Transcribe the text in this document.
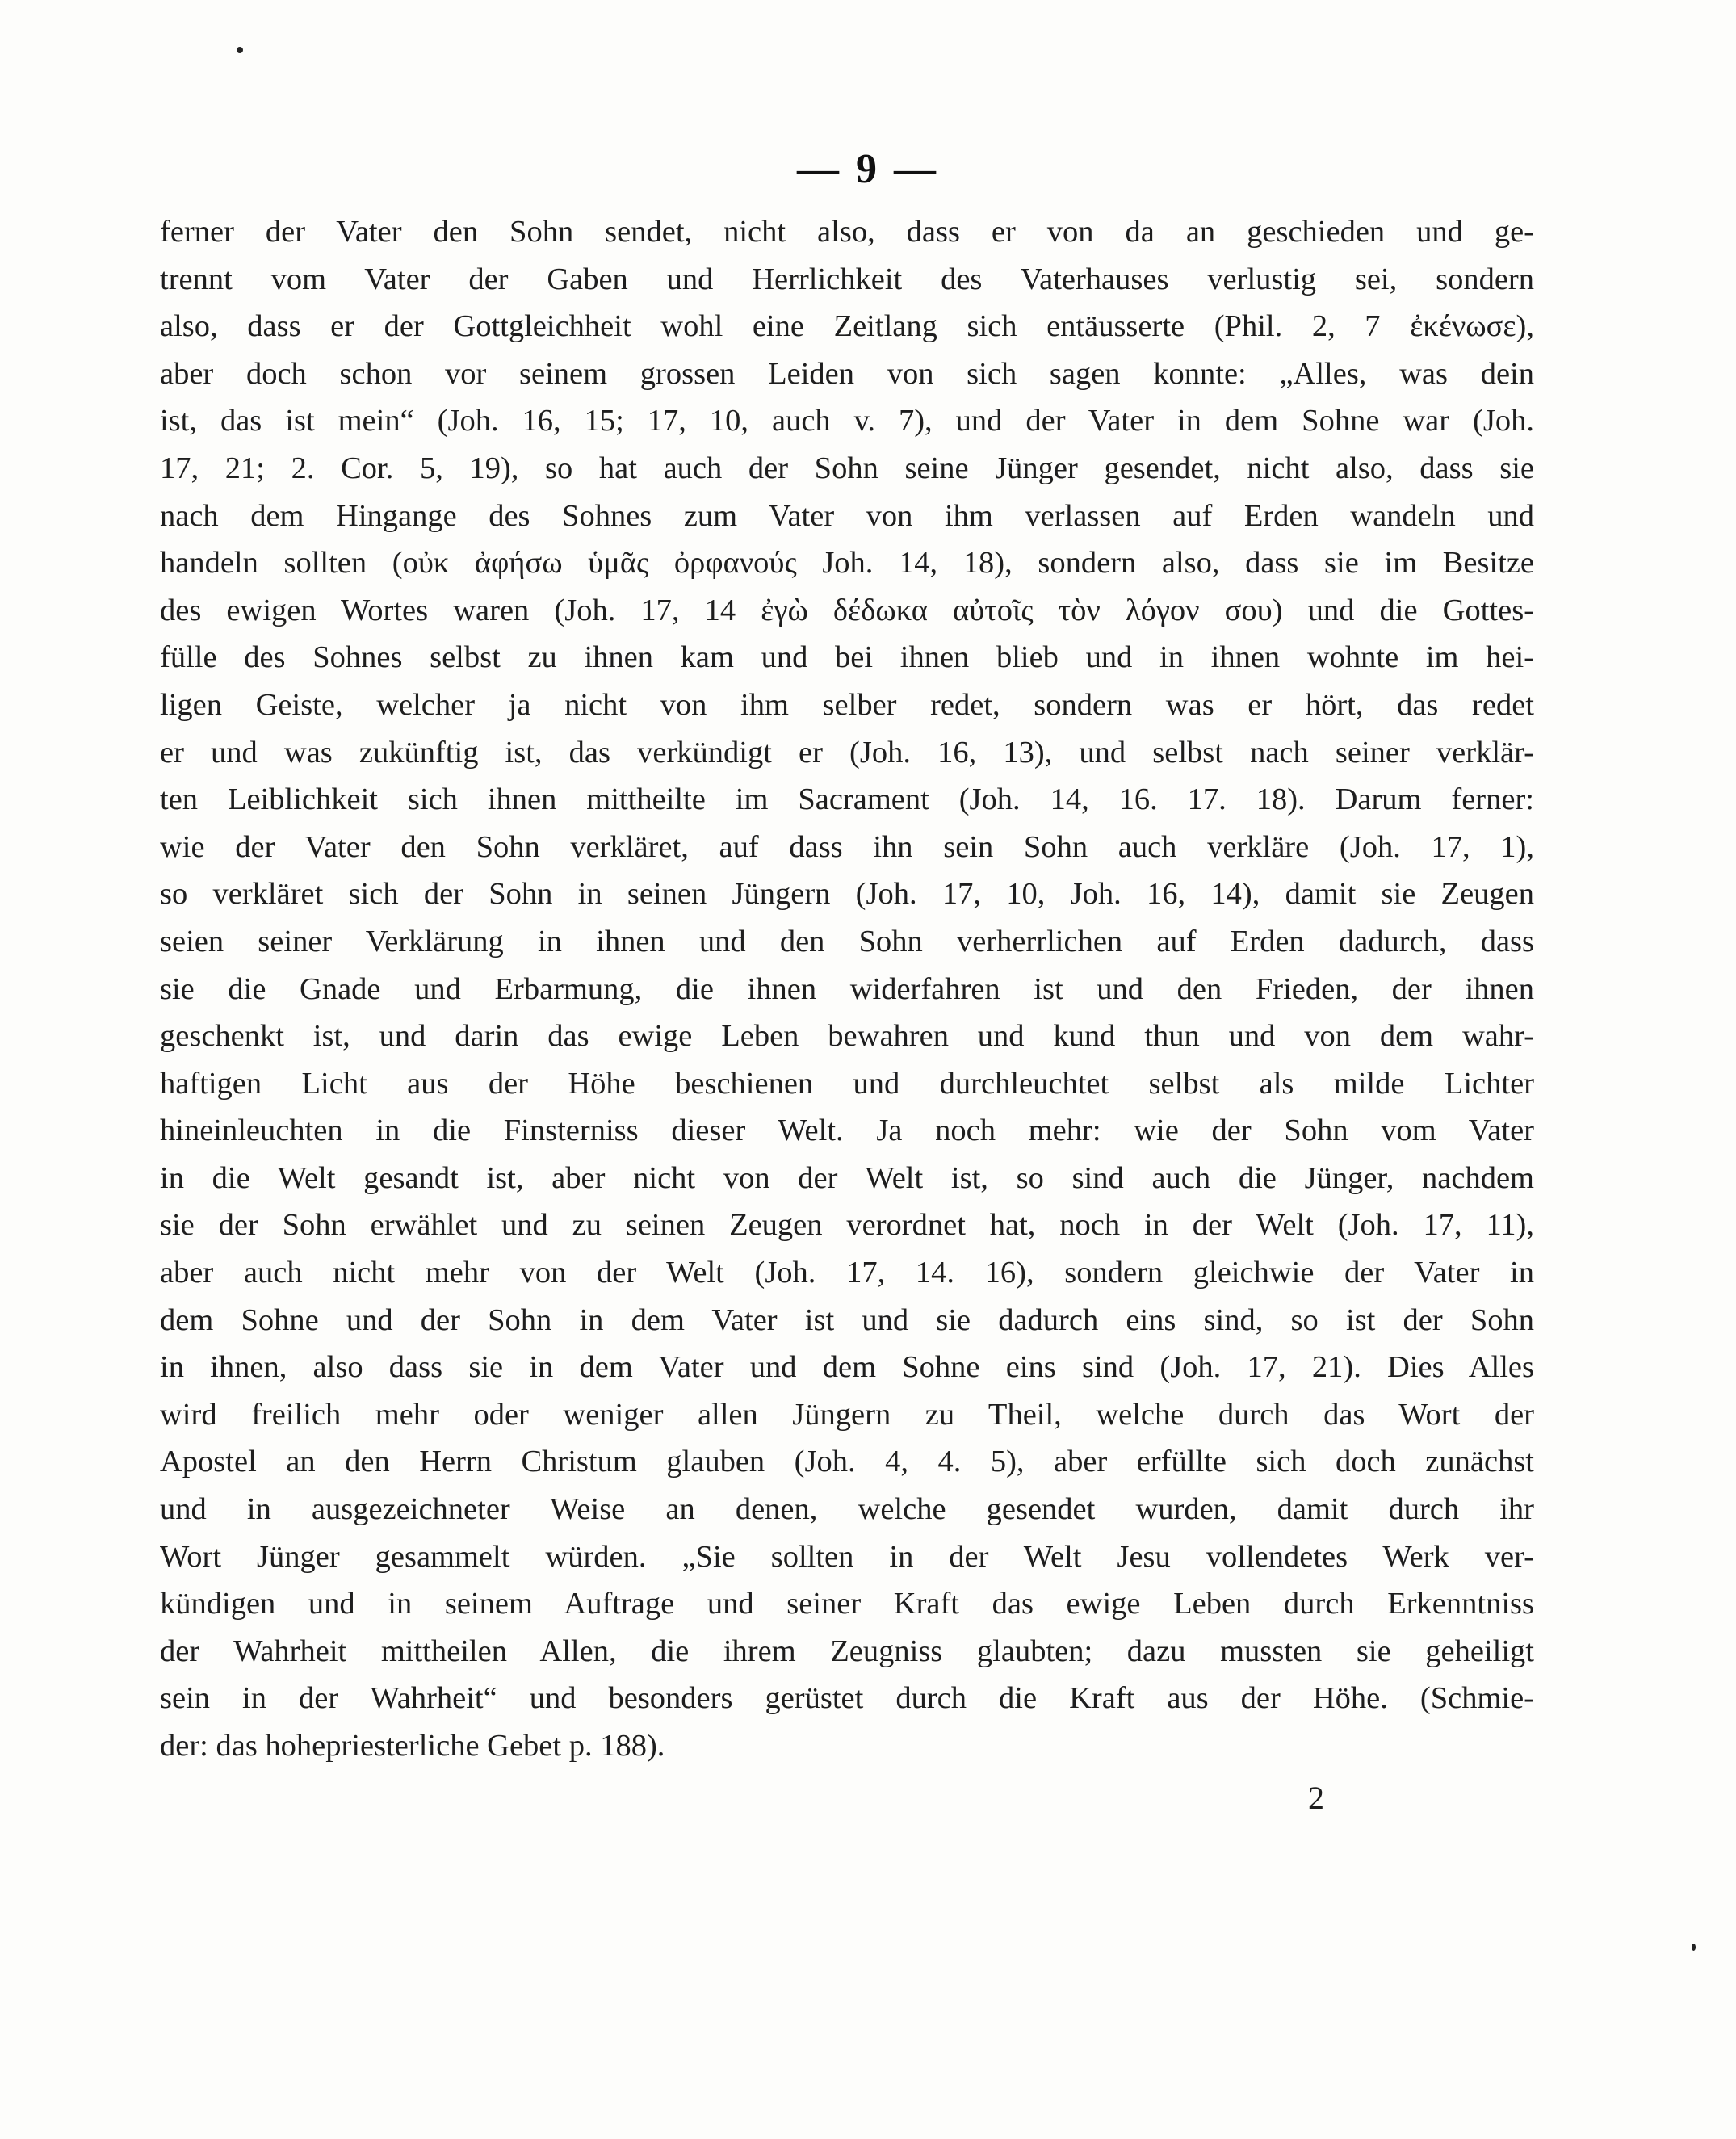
— 9 —
ferner der Vater den Sohn sendet, nicht also, dass er von da an geschieden und ge-
trennt vom Vater der Gaben und Herrlichkeit des Vaterhauses verlustig sei, sondern
also, dass er der Gottgleichheit wohl eine Zeitlang sich entäusserte (Phil. 2, 7 ἐκένωσε),
aber doch schon vor seinem grossen Leiden von sich sagen konnte: „Alles, was dein
ist, das ist mein“ (Joh. 16, 15; 17, 10, auch v. 7), und der Vater in dem Sohne war (Joh.
17, 21; 2. Cor. 5, 19), so hat auch der Sohn seine Jünger gesendet, nicht also, dass sie
nach dem Hingange des Sohnes zum Vater von ihm verlassen auf Erden wandeln und
handeln sollten (οὐκ ἀφήσω ὑμᾶς ὀρφανούς Joh. 14, 18), sondern also, dass sie im Besitze
des ewigen Wortes waren (Joh. 17, 14 ἐγὼ δέδωκα αὐτοῖς τὸν λόγον σου) und die Gottes-
fülle des Sohnes selbst zu ihnen kam und bei ihnen blieb und in ihnen wohnte im hei-
ligen Geiste, welcher ja nicht von ihm selber redet, sondern was er hört, das redet
er und was zukünftig ist, das verkündigt er (Joh. 16, 13), und selbst nach seiner verklär-
ten Leiblichkeit sich ihnen mittheilte im Sacrament (Joh. 14, 16. 17. 18). Darum ferner:
wie der Vater den Sohn verkläret, auf dass ihn sein Sohn auch verkläre (Joh. 17, 1),
so verkläret sich der Sohn in seinen Jüngern (Joh. 17, 10, Joh. 16, 14), damit sie Zeugen
seien seiner Verklärung in ihnen und den Sohn verherrlichen auf Erden dadurch, dass
sie die Gnade und Erbarmung, die ihnen widerfahren ist und den Frieden, der ihnen
geschenkt ist, und darin das ewige Leben bewahren und kund thun und von dem wahr-
haftigen Licht aus der Höhe beschienen und durchleuchtet selbst als milde Lichter
hineinleuchten in die Finsterniss dieser Welt. Ja noch mehr: wie der Sohn vom Vater
in die Welt gesandt ist, aber nicht von der Welt ist, so sind auch die Jünger, nachdem
sie der Sohn erwählet und zu seinen Zeugen verordnet hat, noch in der Welt (Joh. 17, 11),
aber auch nicht mehr von der Welt (Joh. 17, 14. 16), sondern gleichwie der Vater in
dem Sohne und der Sohn in dem Vater ist und sie dadurch eins sind, so ist der Sohn
in ihnen, also dass sie in dem Vater und dem Sohne eins sind (Joh. 17, 21). Dies Alles
wird freilich mehr oder weniger allen Jüngern zu Theil, welche durch das Wort der
Apostel an den Herrn Christum glauben (Joh. 4, 4. 5), aber erfüllte sich doch zunächst
und in ausgezeichneter Weise an denen, welche gesendet wurden, damit durch ihr
Wort Jünger gesammelt würden. „Sie sollten in der Welt Jesu vollendetes Werk ver-
kündigen und in seinem Auftrage und seiner Kraft das ewige Leben durch Erkenntniss
der Wahrheit mittheilen Allen, die ihrem Zeugniss glaubten; dazu mussten sie geheiligt
sein in der Wahrheit“ und besonders gerüstet durch die Kraft aus der Höhe. (Schmie-
der: das hohepriesterliche Gebet p. 188).
2
